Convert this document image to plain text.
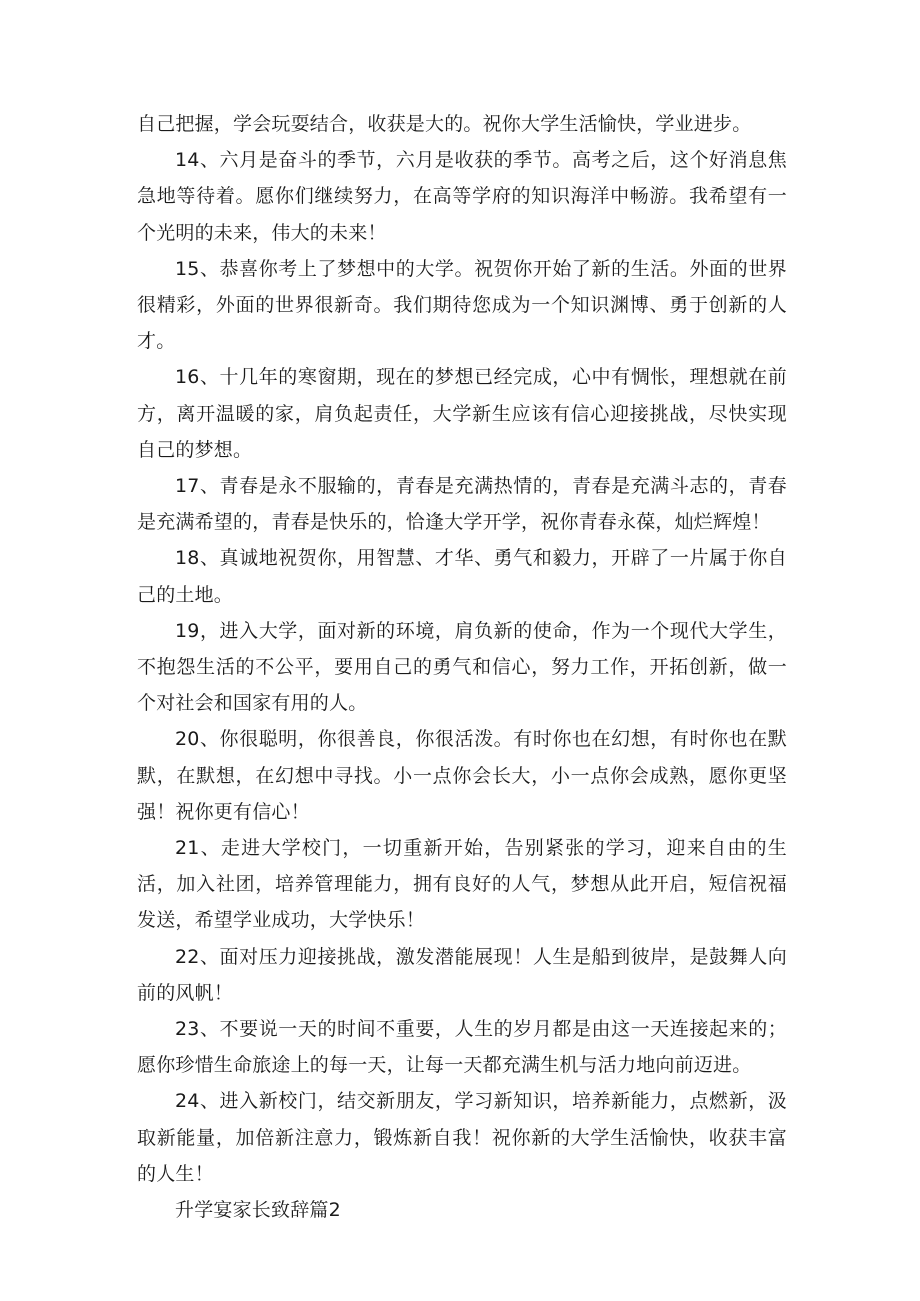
自己把握，学会玩耍结合，收获是大的。祝你大学生活愉快，学业进步。

14、六月是奋斗的季节，六月是收获的季节。高考之后，这个好消息焦急地等待着。愿你们继续努力，在高等学府的知识海洋中畅游。我希望有一个光明的未来，伟大的未来！

15、恭喜你考上了梦想中的大学。祝贺你开始了新的生活。外面的世界很精彩，外面的世界很新奇。我们期待您成为一个知识渊博、勇于创新的人才。

16、十几年的寒窗期，现在的梦想已经完成，心中有惆怅，理想就在前方，离开温暖的家，肩负起责任，大学新生应该有信心迎接挑战，尽快实现自己的梦想。

17、青春是永不服输的，青春是充满热情的，青春是充满斗志的，青春是充满希望的，青春是快乐的，恰逢大学开学，祝你青春永葆，灿烂辉煌！

18、真诚地祝贺你，用智慧、才华、勇气和毅力，开辟了一片属于你自己的土地。

19，进入大学，面对新的环境，肩负新的使命，作为一个现代大学生，不抱怨生活的不公平，要用自己的勇气和信心，努力工作，开拓创新，做一个对社会和国家有用的人。

20、你很聪明，你很善良，你很活泼。有时你也在幻想，有时你也在默默，在默想，在幻想中寻找。小一点你会长大，小一点你会成熟，愿你更坚强！祝你更有信心！

21、走进大学校门，一切重新开始，告别紧张的学习，迎来自由的生活，加入社团，培养管理能力，拥有良好的人气，梦想从此开启，短信祝福发送，希望学业成功，大学快乐！

22、面对压力迎接挑战，激发潜能展现！人生是船到彼岸，是鼓舞人向前的风帆！

23、不要说一天的时间不重要，人生的岁月都是由这一天连接起来的；愿你珍惜生命旅途上的每一天，让每一天都充满生机与活力地向前迈进。

24、进入新校门，结交新朋友，学习新知识，培养新能力，点燃新，汲取新能量，加倍新注意力，锻炼新自我！祝你新的大学生活愉快，收获丰富的人生！

升学宴家长致辞篇2
